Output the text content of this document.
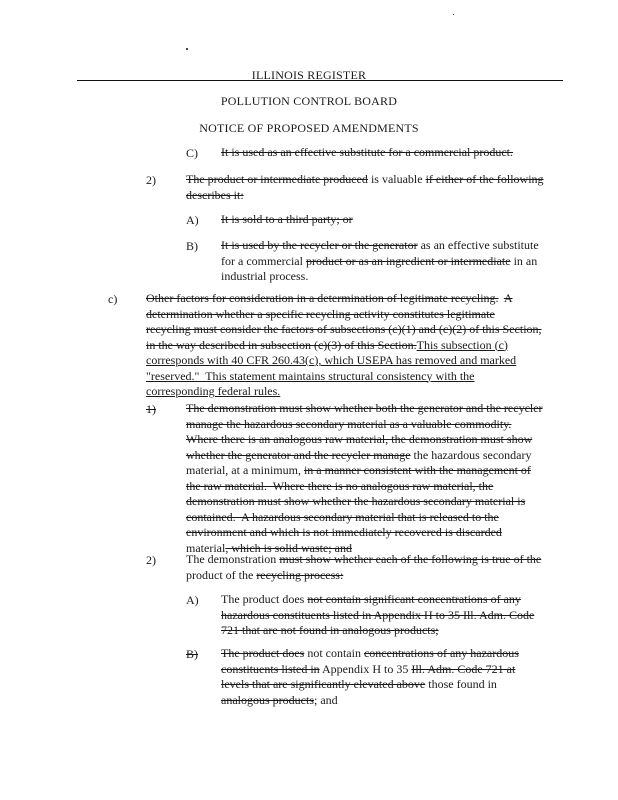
ILLINOIS REGISTER
POLLUTION CONTROL BOARD
NOTICE OF PROPOSED AMENDMENTS
C) It is used as an effective substitute for a commercial product.
2)	The product or intermediate produced is valuable if either of the following
describes it:
A) It is sold to a third party; or
B) It is used by the recycler or the generator as an effective substitute
for a commercial product or as an ingredient or intermediate in an
industrial process.
c) Other factors for consideration in a determination of legitimate recycling. A
determination whether a specific recycling activity constitutes legitimate
recycling must consider the factors of subsections (c)(1) and (c)(2) of this Section,
in the way described in subsection (c)(3) of this Section.This subsection (c)
corresponds with 40 CFR 260.43(c), which USEPA has removed and marked
"reserved."  This statement maintains structural consistency with the
corresponding federal rules.
1)	The demonstration must show whether both the generator and the recycler
manage the hazardous secondary material as a valuable commodity.
Where there is an analogous raw material, the demonstration must show
whether the generator and the recycler manage the hazardous secondary
material, at a minimum, in a manner consistent with the management of
the raw material.  Where there is no analogous raw material, the
demonstration must show whether the hazardous secondary material is
contained.  A hazardous secondary material that is released to the
environment and which is not immediately recovered is discarded
material, which is solid waste; and
2)	The demonstration must show whether each of the following is true of the
product of the recycling process:
A) The product does not contain significant concentrations of any
hazardous constituents listed in Appendix H to 35 Ill. Adm. Code
721 that are not found in analogous products;
B) The product does not contain concentrations of any hazardous
constituents listed in Appendix H to 35 Ill. Adm. Code 721 at
levels that are significantly elevated above those found in
analogous products; and
